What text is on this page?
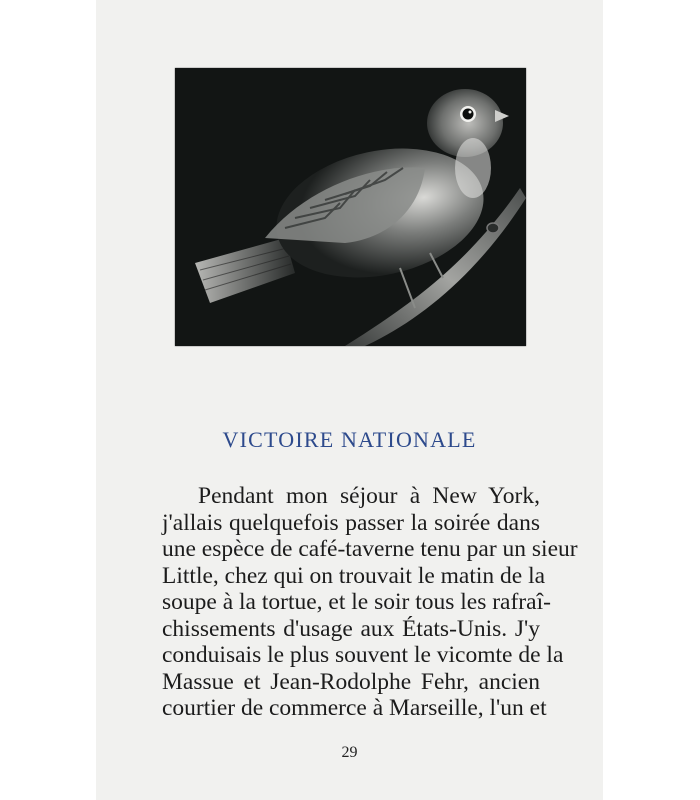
VICTOIRE NATIONALE
Pendant mon séjour à New York,
j'allais quelquefois passer la soirée dans
une espèce de café-taverne tenu par un sieur
Little, chez qui on trouvait le matin de la
soupe à la tortue, et le soir tous les rafraî-
chissements d'usage aux États-Unis. J'y
conduisais le plus souvent le vicomte de la
Massue et Jean-Rodolphe Fehr, ancien
courtier de commerce à Marseille, l'un et
29
